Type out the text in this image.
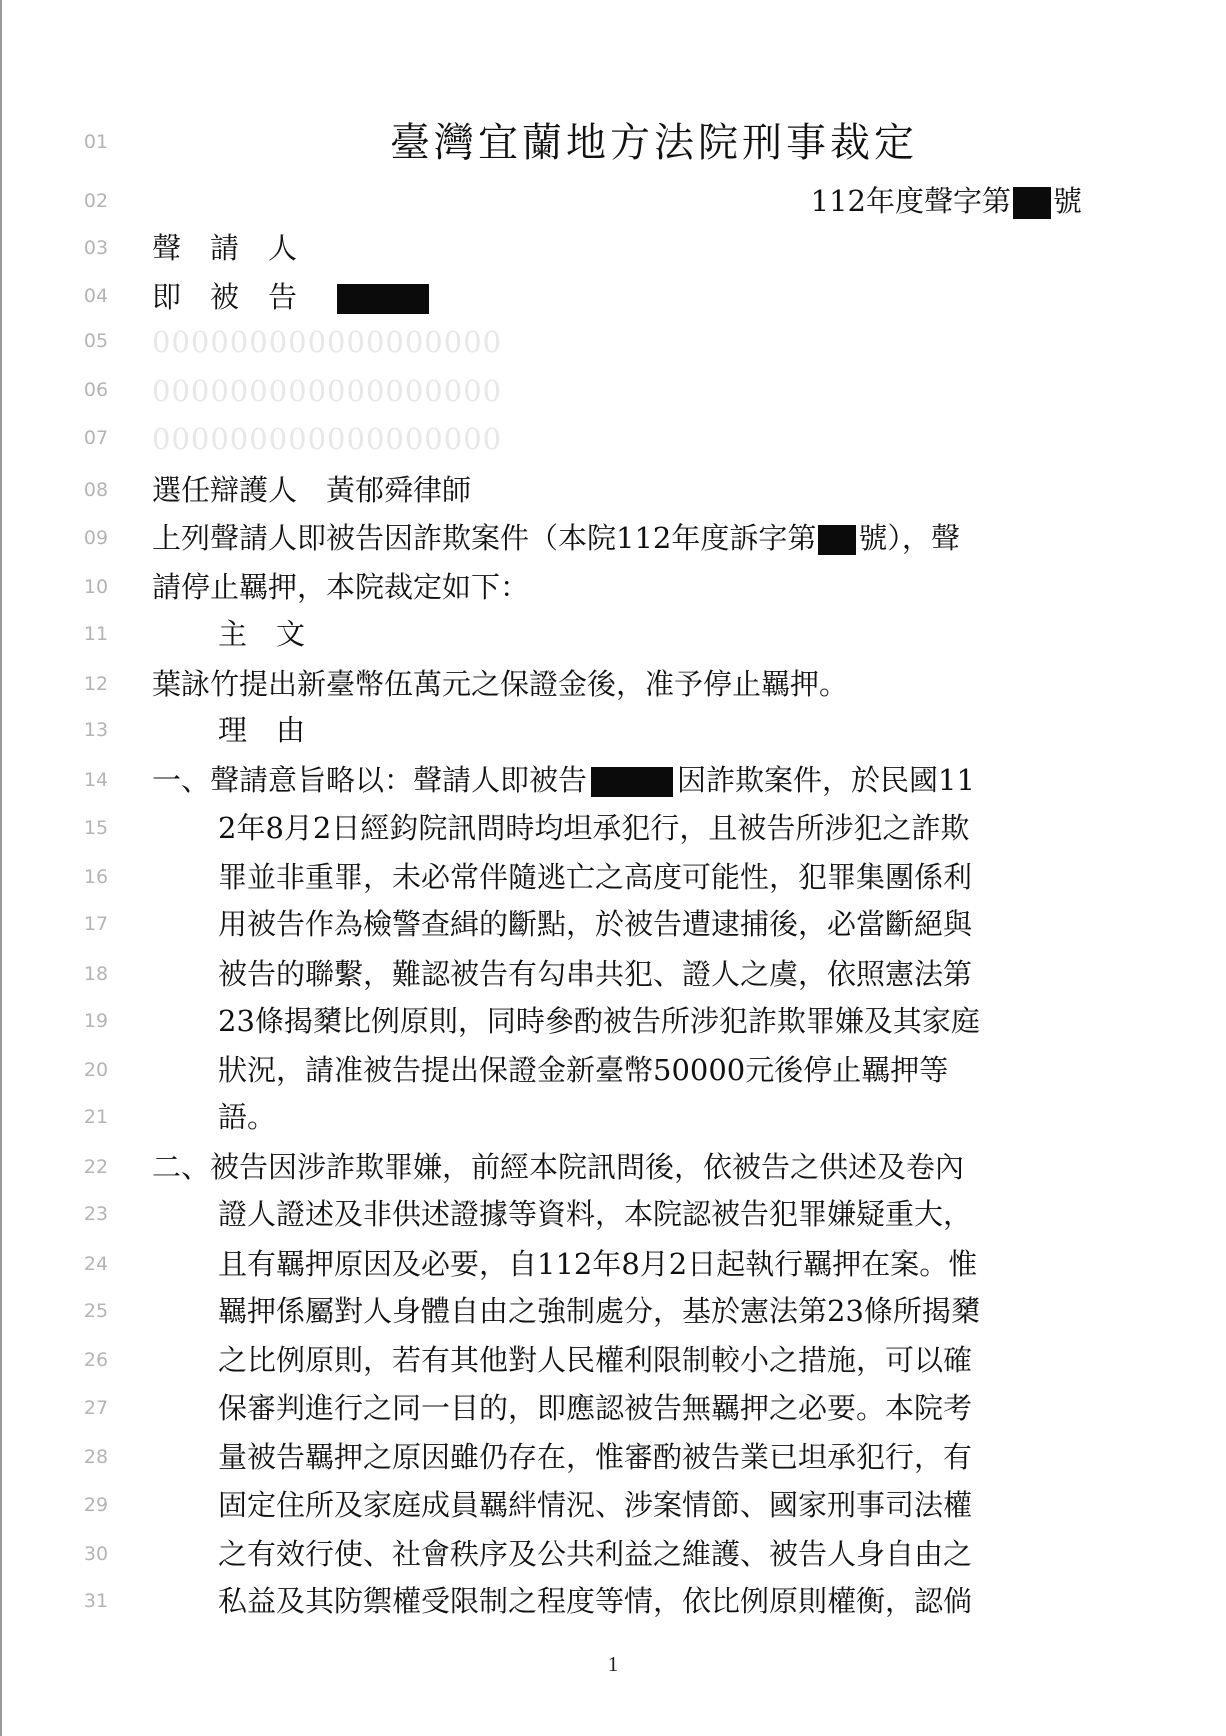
01
02
03
04
05
06
07
08
09
10
11
12
13
14
15
16
17
18
19
20
21
22
23
24
25
26
27
28
29
30
31
臺灣宜蘭地方法院刑事裁定
112年度聲字第 號
聲　請　人
即　被　告
000000000000000000
000000000000000000
000000000000000000
選任辯護人　黃郁舜律師
上列聲請人即被告因詐欺案件（本院112年度訴字第 號），聲
請停止羈押，本院裁定如下：
主　文
葉詠竹提出新臺幣伍萬元之保證金後，准予停止羈押。
理　由
一、聲請意旨略以：聲請人即被告	因詐欺案件，於民國11
2年8月2日經鈞院訊問時均坦承犯行，且被告所涉犯之詐欺
罪並非重罪，未必常伴隨逃亡之高度可能性，犯罪集團係利
用被告作為檢警查緝的斷點，於被告遭逮捕後，必當斷絕與
被告的聯繫，難認被告有勾串共犯、證人之虞，依照憲法第
23條揭櫫比例原則，同時參酌被告所涉犯詐欺罪嫌及其家庭
狀況，請准被告提出保證金新臺幣50000元後停止羈押等
語。
二、被告因涉詐欺罪嫌，前經本院訊問後，依被告之供述及卷內
證人證述及非供述證據等資料，本院認被告犯罪嫌疑重大，
且有羈押原因及必要，自112年8月2日起執行羈押在案。惟
羈押係屬對人身體自由之強制處分，基於憲法第23條所揭櫫
之比例原則，若有其他對人民權利限制較小之措施，可以確
保審判進行之同一目的，即應認被告無羈押之必要。本院考
量被告羈押之原因雖仍存在，惟審酌被告業已坦承犯行，有
固定住所及家庭成員羈絆情況、涉案情節、國家刑事司法權
之有效行使、社會秩序及公共利益之維護、被告人身自由之
私益及其防禦權受限制之程度等情，依比例原則權衡，認倘
1
